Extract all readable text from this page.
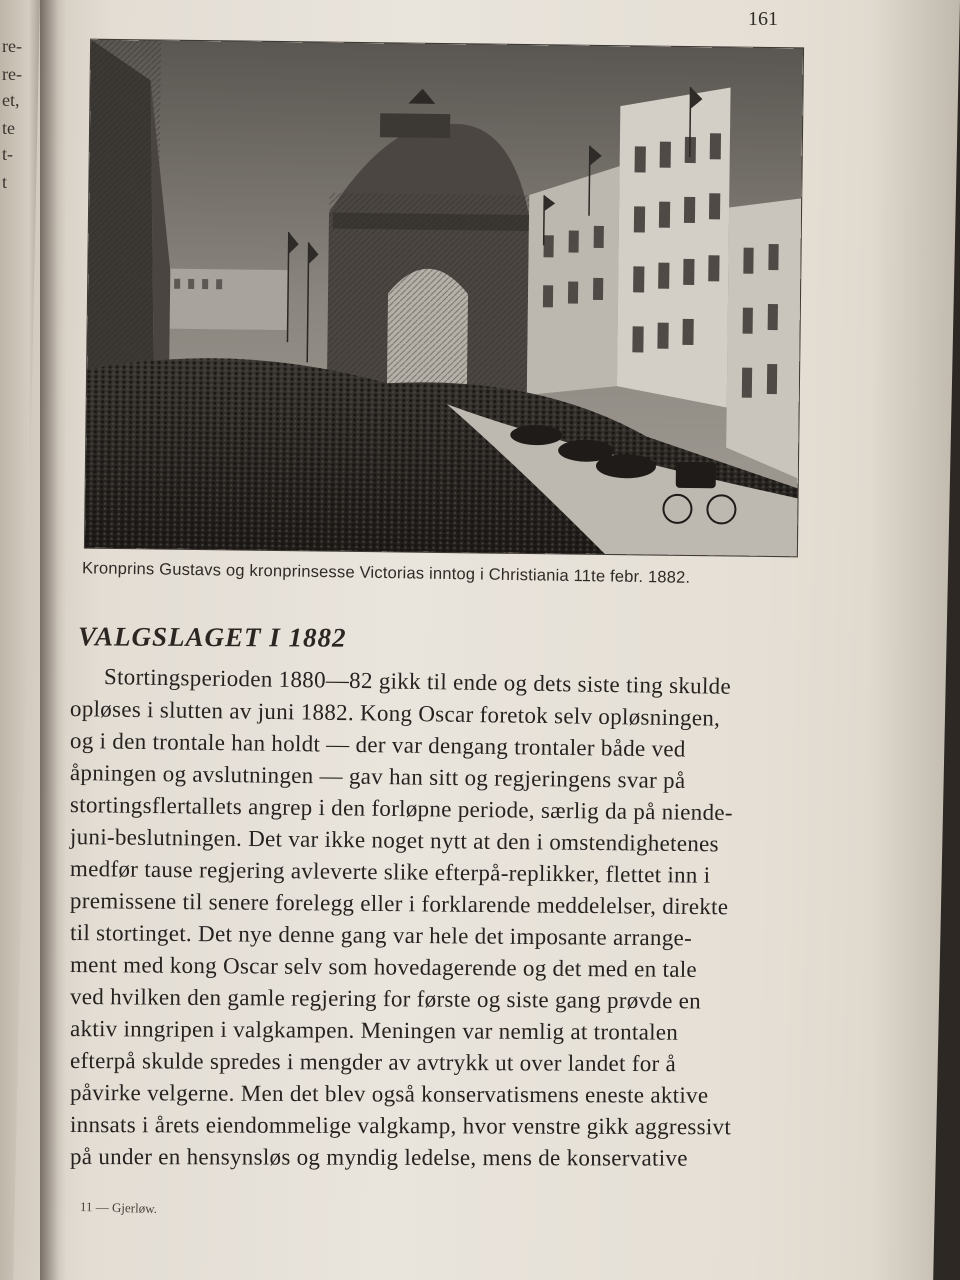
re-
re-
et,
te
t-
t
161
Kronprins Gustavs og kronprinsesse Victorias inntog i Christiania 11te febr. 1882.
VALGSLAGET I 1882
Stortingsperioden 1880—82 gikk til ende og dets siste ting skulde
opløses i slutten av juni 1882. Kong Oscar foretok selv opløsningen,
og i den trontale han holdt — der var dengang trontaler både ved
åpningen og avslutningen — gav han sitt og regjeringens svar på
stortingsflertallets angrep i den forløpne periode, særlig da på niende-
juni-beslutningen. Det var ikke noget nytt at den i omstendighetenes
medfør tause regjering avleverte slike efterpå-replikker, flettet inn i
premissene til senere forelegg eller i forklarende meddelelser, direkte
til stortinget. Det nye denne gang var hele det imposante arrange-
ment med kong Oscar selv som hovedagerende og det med en tale
ved hvilken den gamle regjering for første og siste gang prøvde en
aktiv inngripen i valgkampen. Meningen var nemlig at trontalen
efterpå skulde spredes i mengder av avtrykk ut over landet for å
påvirke velgerne. Men det blev også konservatismens eneste aktive
innsats i årets eiendommelige valgkamp, hvor venstre gikk aggressivt
på under en hensynsløs og myndig ledelse, mens de konservative
11 — Gjerløw.
